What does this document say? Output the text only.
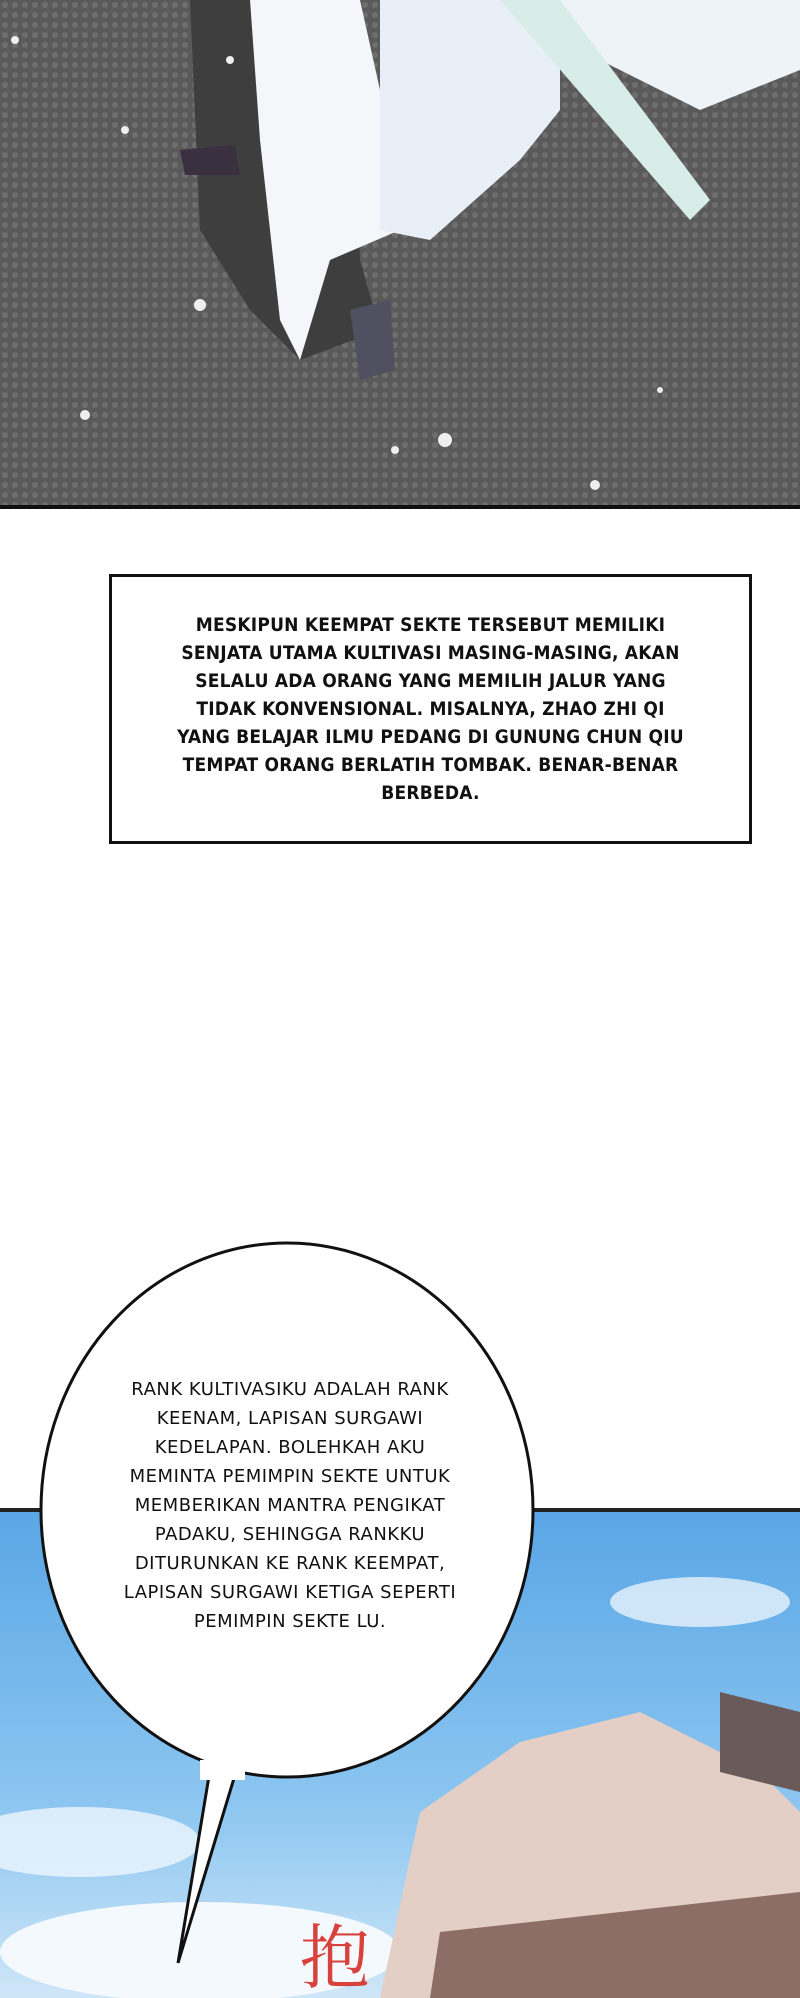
MESKIPUN KEEMPAT SEKTE TERSEBUT MEMILIKI
SENJATA UTAMA KULTIVASI MASING-MASING, AKAN
SELALU ADA ORANG YANG MEMILIH JALUR YANG
TIDAK KONVENSIONAL. MISALNYA, ZHAO ZHI QI
YANG BELAJAR ILMU PEDANG DI GUNUNG CHUN QIU
TEMPAT ORANG BERLATIH TOMBAK. BENAR-BENAR
BERBEDA.

抱

RANK KULTIVASIKU ADALAH RANK

KEENAM, LAPISAN SURGAWI

KEDELAPAN. BOLEHKAH AKU

MEMINTA PEMIMPIN SEKTE UNTUK

MEMBERIKAN MANTRA PENGIKAT

PADAKU, SEHINGGA RANKKU

DITURUNKAN KE RANK KEEMPAT,

LAPISAN SURGAWI KETIGA SEPERTI

PEMIMPIN SEKTE LU.
